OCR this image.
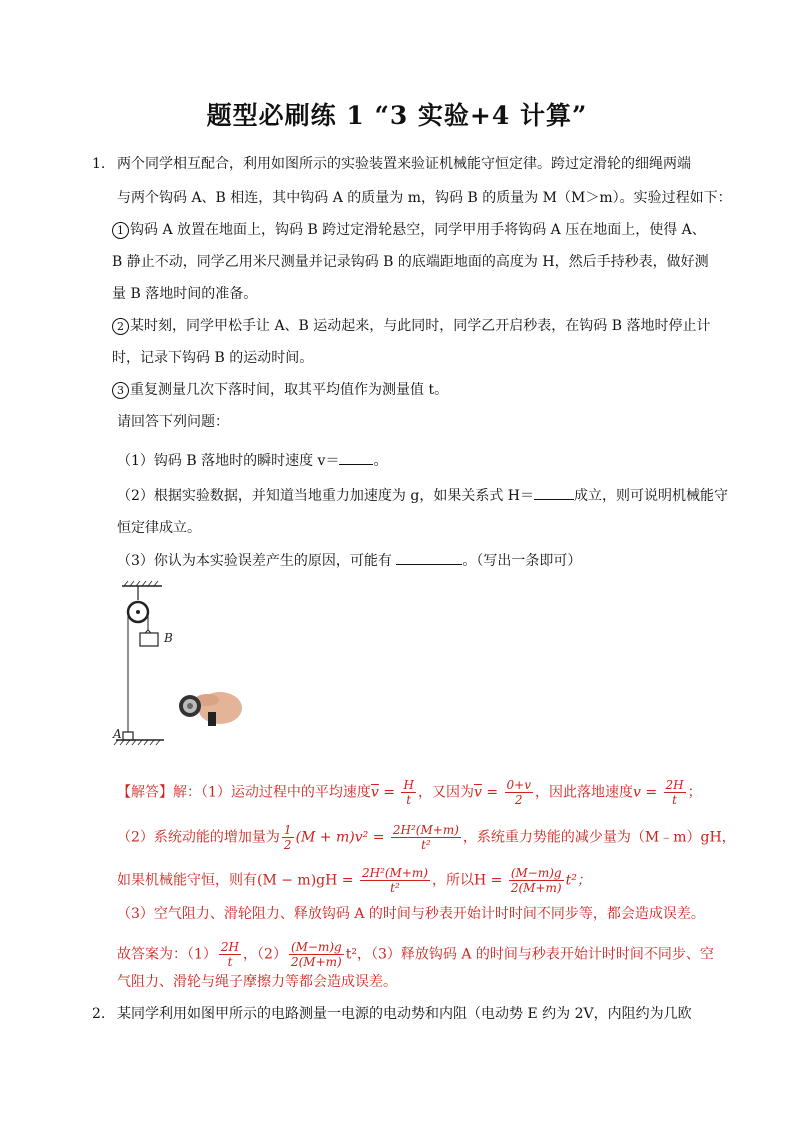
题型必刷练 1 “3 实验+4 计算”
1. 两个同学相互配合，利用如图所示的实验装置来验证机械能守恒定律。跨过定滑轮的细绳两端
与两个钩码 A、B 相连，其中钩码 A 的质量为 m，钩码 B 的质量为 M（M＞m）。实验过程如下：
1 钩码 A 放置在地面上，钩码 B 跨过定滑轮悬空，同学甲用手将钩码 A 压在地面上，使得 A、
B 静止不动，同学乙用米尺测量并记录钩码 B 的底端距地面的高度为 H，然后手持秒表，做好测
量 B 落地时间的准备。
2 某时刻，同学甲松手让 A、B 运动起来，与此同时，同学乙开启秒表，在钩码 B 落地时停止计
时，记录下钩码 B 的运动时间。
3 重复测量几次下落时间，取其平均值作为测量值 t。
请回答下列问题：
（1）钩码 B 落地时的瞬时速度 v＝ 。
（2）根据实验数据，并知道当地重力加速度为 g，如果关系式 H＝	成立，则可说明机械能守
恒定律成立。
（3）你认为本实验误差产生的原因，可能有	。（写出一条即可）
B
A
【解答】解：（1）运动过程中的平均速度$\overline{v} = \frac{H}{t}$ ，又因为$\overline{v} = \frac{0+v}{2}$ ，因此落地速度$v = \frac{2H}{t}$ ；
（2）系统动能的增加量为 $\frac{1}{2} (M + m)v^2 = \frac{\text{2H²(M+m)}}{\text{t²}}$ ，系统重力势能的减少量为（M﹣m）gH，
如果机械能守恒，则有$(M - m)gH = \frac{\text{2H²(M+m)}}{\text{t²}}$ ，所以$H = \frac{(M-m)g}{2(M+m)} t^2$；
（3）空气阻力、滑轮阻力、释放钩码 A 的时间与秒表开始计时时间不同步等，都会造成误差。
故答案为：$(1) \frac{2H}{t}$ ，$(2) \frac{(M-m)g}{2(M+m)} t^2$，（3）释放钩码 A 的时间与秒表开始计时时间不同步、空
气阻力、滑轮与绳子摩擦力等都会造成误差。
2. 某同学利用如图甲所示的电路测量一电源的电动势和内阻（电动势 E 约为 2V，内阻约为几欧
